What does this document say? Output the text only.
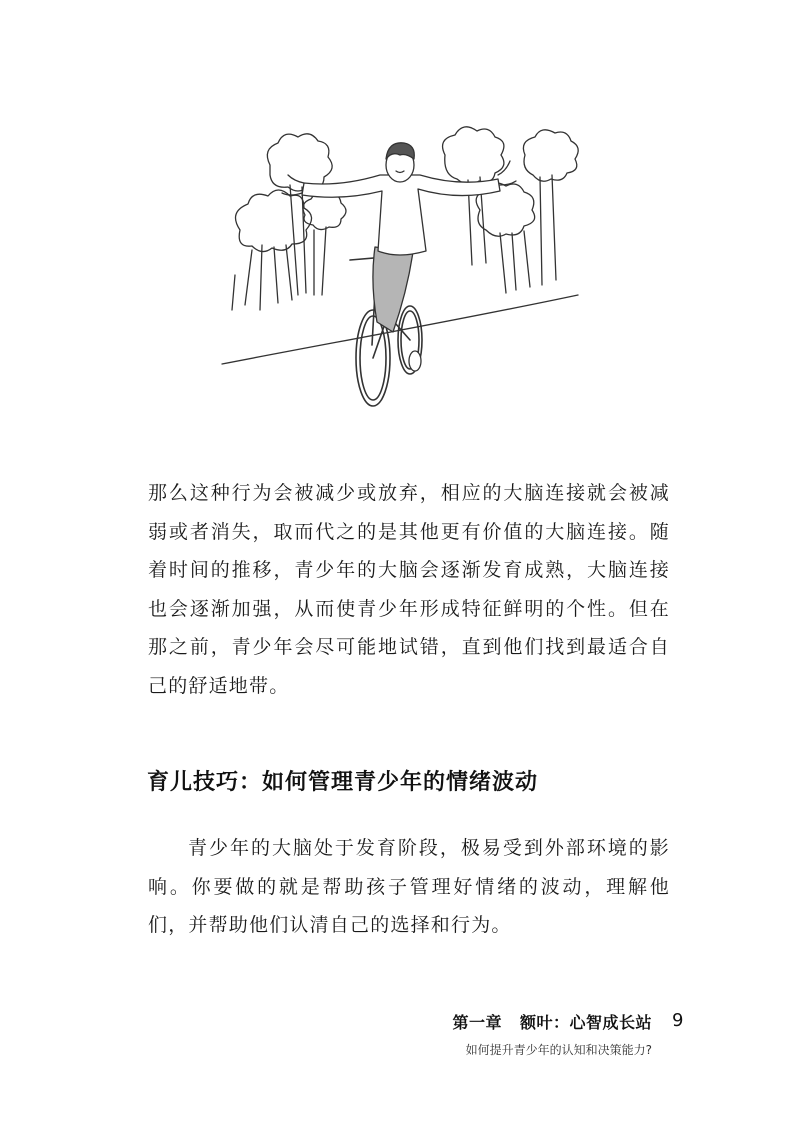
那么这种行为会被减少或放弃，相应的大脑连接就会被减弱或者消失，取而代之的是其他更有价值的大脑连接。随着时间的推移，青少年的大脑会逐渐发育成熟，大脑连接也会逐渐加强，从而使青少年形成特征鲜明的个性。但在那之前，青少年会尽可能地试错，直到他们找到最适合自己的舒适地带。
育儿技巧：如何管理青少年的情绪波动
青少年的大脑处于发育阶段，极易受到外部环境的影响。你要做的就是帮助孩子管理好情绪的波动，理解他们，并帮助他们认清自己的选择和行为。
第一章 额叶：心智成长站
如何提升青少年的认知和决策能力?
9
